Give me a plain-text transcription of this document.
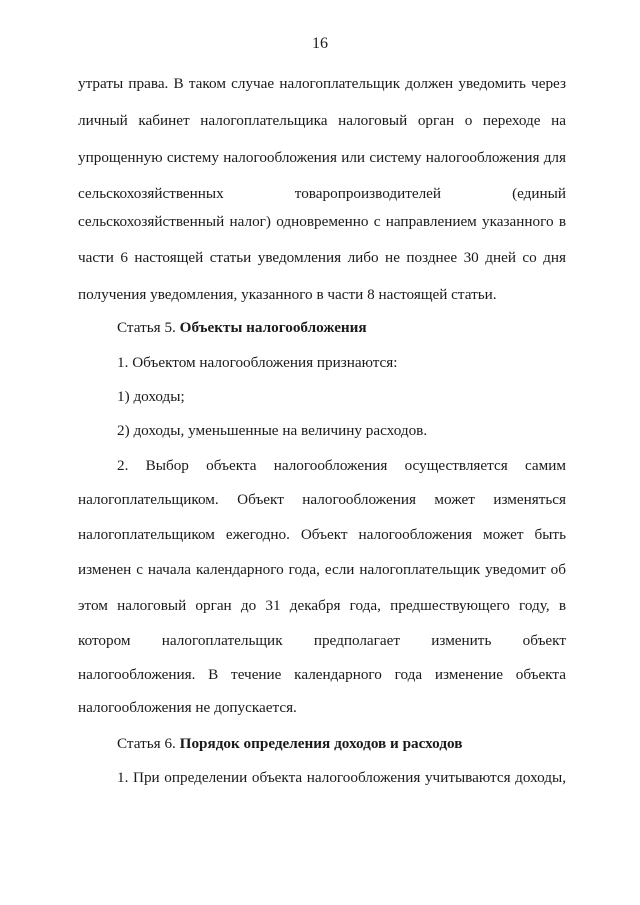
16
утраты права. В таком случае налогоплательщик должен уведомить через
личный кабинет налогоплательщика налоговый орган о переходе на
упрощенную систему налогообложения или систему налогообложения для
сельскохозяйственных товаропроизводителей (единый
сельскохозяйственный налог) одновременно с направлением указанного в
части 6 настоящей статьи уведомления либо не позднее 30 дней со дня
получения уведомления, указанного в части 8 настоящей статьи.
Статья 5. Объекты налогообложения
1. Объектом налогообложения признаются:
1) доходы;
2) доходы, уменьшенные на величину расходов.
2. Выбор объекта налогообложения осуществляется самим
налогоплательщиком. Объект налогообложения может изменяться
налогоплательщиком ежегодно. Объект налогообложения может быть
изменен с начала календарного года, если налогоплательщик уведомит об
этом налоговый орган до 31 декабря года, предшествующего году, в
котором налогоплательщик предполагает изменить объект
налогообложения. В течение календарного года изменение объекта
налогообложения не допускается.
Статья 6. Порядок определения доходов и расходов
1. При определении объекта налогообложения учитываются доходы,
